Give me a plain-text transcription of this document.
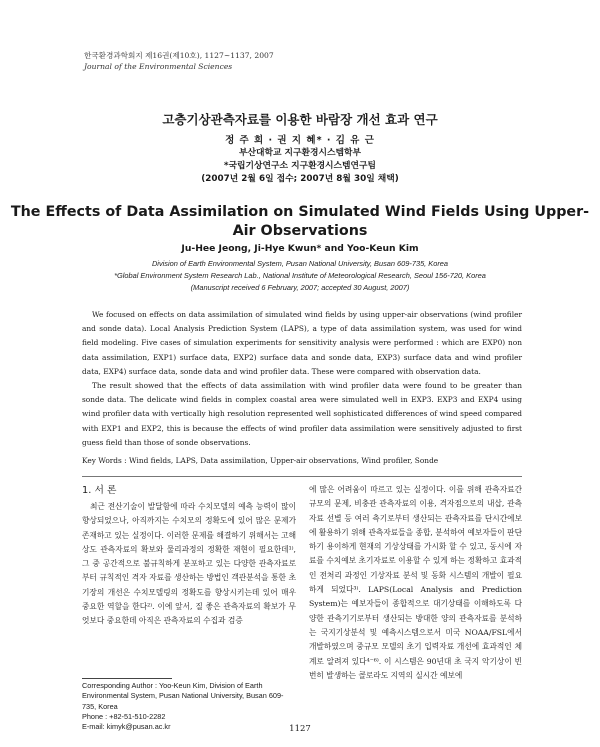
한국환경과학회지 제16권(제10호), 1127~1137, 2007
Journal of the Environmental Sciences
고층기상관측자료를 이용한 바람장 개선 효과 연구
정 주 희 · 권 지 혜* · 김 유 근
부산대학교 지구환경시스템학부
*국립기상연구소 지구환경시스템연구팀
(2007년 2월 6일 접수; 2007년 8월 30일 채택)
The Effects of Data Assimilation on Simulated Wind Fields Using Upper-Air Observations
Ju-Hee Jeong, Ji-Hye Kwun* and Yoo-Keun Kim
Division of Earth Environmental System, Pusan National University, Busan 609-735, Korea
*Global Environment System Research Lab., National Institute of Meteorological Research, Seoul 156-720, Korea
(Manuscript received 6 February, 2007; accepted 30 August, 2007)

We focused on effects on data assimilation of simulated wind fields by using upper-air observations (wind profiler and sonde data). Local Analysis Prediction System (LAPS), a type of data assimilation system, was used for wind field modeling. Five cases of simulation experiments for sensitivity analysis were performed : which are EXP0) non data assimilation, EXP1) surface data, EXP2) surface data and sonde data, EXP3) surface data and wind profiler data, EXP4) surface data, sonde data and wind profiler data. These were compared with observation data.

The result showed that the effects of data assimilation with wind profiler data were found to be greater than sonde data. The delicate wind fields in complex coastal area were simulated well in EXP3. EXP3 and EXP4 using wind profiler data with vertically high resolution represented well sophisticated differences of wind speed compared with EXP1 and EXP2, this is because the effects of wind profiler data assimilation were sensitively adjusted to first guess field than those of sonde observations.

Key Words : Wind fields, LAPS, Data assimilation, Upper-air observations, Wind profiler, Sonde
1. 서 론

최근 전산기술이 발달함에 따라 수치모델의 예측 능력이 많이 향상되었으나, 아직까지는 수치모의 정확도에 있어 많은 문제가 존재하고 있는 실정이다. 이러한 문제를 해결하기 위해서는 고해상도 관측자료의 확보와 물리과정의 정확한 재현이 필요한데¹⁾, 그 중 공간적으로 불규칙하게 분포하고 있는 다양한 관측자료로부터 규칙적인 격자 자료를 생산하는 방법인 객관분석을 통한 초기장의 개선은 수치모델링의 정확도를 향상시키는데 있어 매우 중요한 역할을 한다²⁾. 이에 앞서, 질 좋은 관측자료의 확보가 무엇보다 중요한데 아직은 관측자료의 수집과 검증

에 많은 어려움이 따르고 있는 실정이다. 이를 위해 관측자료간 규모의 문제, 비충관 관측자료의 이용, 격자점으로의 내삽, 관측자료 선별 등 여러 측기로부터 생산되는 관측자료를 단시간에보에 활용하기 위해 관측자료들을 종합, 분석하여 예보자들이 판단하기 용이하게 현재의 기상상태를 가시화 할 수 있고, 동시에 자료를 수치예보 초기자료로 이용할 수 있게 하는 정확하고 효과적인 전처리 과정인 기상자료 분석 및 동화 시스템의 개발이 필요하게 되었다³⁾. LAPS(Local Analysis and Prediction System)는 예보자들이 종합적으로 대기상태를 이해하도록 다양한 관측기기로부터 생산되는 방대한 양의 관측자료를 분석하는 국지기상분석 및 예측시스템으로서 미국 NOAA/FSL에서 개발하였으며 중규모 모델의 초기 입력자료 개선에 효과적인 체계로 알려져 있다⁴⁻⁶⁾. 이 시스템은 90년대 초 국지 악기상이 빈번히 발생하는 콜로라도 지역의 실시간 예보에

Corresponding Author : Yoo-Keun Kim, Division of Earth Environmental System, Pusan National University, Busan 609-735, Korea
Phone : +82-51-510-2282
E-mail: kimyk@pusan.ac.kr	1127
